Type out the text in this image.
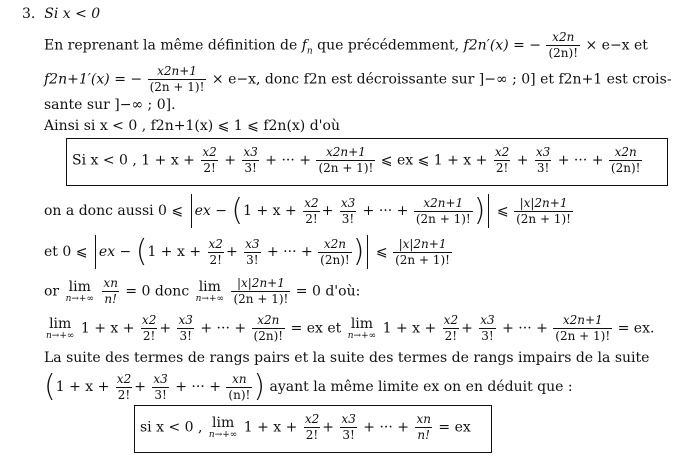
3. Si x < 0
En reprenant la même définition de $f_n$ que précédemment, f2n′(x) = − $\frac{x2n}{(2n)!} \times e-x$ et
f2n+1′(x) = − $\frac{x2n+1}{(2n + 1)!} \times e-x$, donc f2n est décroissante sur ]−∞ ; 0] et f2n+1 est crois-
sante sur ]−∞ ; 0].
Ainsi si x < 0 , f2n+1(x) ⩽ 1 ⩽ f2n(x) d'où
Si x < 0 , $1 + x + \frac{x2}{2!} + \frac{x3}{3!}$ + ··· + $\frac{x2n+1}{(2n + 1)!}$ ⩽ ex ⩽ $1 + x + \frac{x2}{2!} + \frac{x3}{3!}$ + ··· + $\frac{x2n}{(2n)!}$
on a donc aussi 0 ⩽ ex − ($1 + x + \frac{x2}{2!} + \frac{x3}{3!}$ + ··· + $\frac{x2n+1}{(2n + 1)!}$ ) ⩽ $\frac{|x|2n+1}{(2n + 1)!}$
et 0 ⩽ ex − ($1 + x + \frac{x2}{2!} + \frac{x3}{3!}$ + ··· + $\frac{x2n}{(2n)!}$ ) ⩽ $\frac{|x|2n+1}{(2n + 1)!}$
or lim
n→+∞
$\frac{xn}{n!} = 0$ donc lim
n→+∞
$\frac{|x|2n+1}{(2n + 1)!} = 0$ d'où:
lim
n→+∞ $1 + x + \frac{x2}{2!} + \frac{x3}{3!}$ + ··· + $\frac{x2n}{(2n)!}$ = ex et lim
n→+∞ $1 + x + \frac{x2}{2!} + \frac{x3}{3!}$ + ··· + $\frac{x2n+1}{(2n + 1)!}$ = ex.
La suite des termes de rangs pairs et la suite des termes de rangs impairs de la suite
($1 + x + \frac{x2}{2!} + \frac{x3}{3!}$ + ··· + $\frac{xn}{(n)!}$ ) ayant la même limite ex on en déduit que :
si x < 0 , lim
n→+∞ $1 + x + \frac{x2}{2!} + \frac{x3}{3!}$ + ··· + $\frac{xn}{n!}$ = ex
